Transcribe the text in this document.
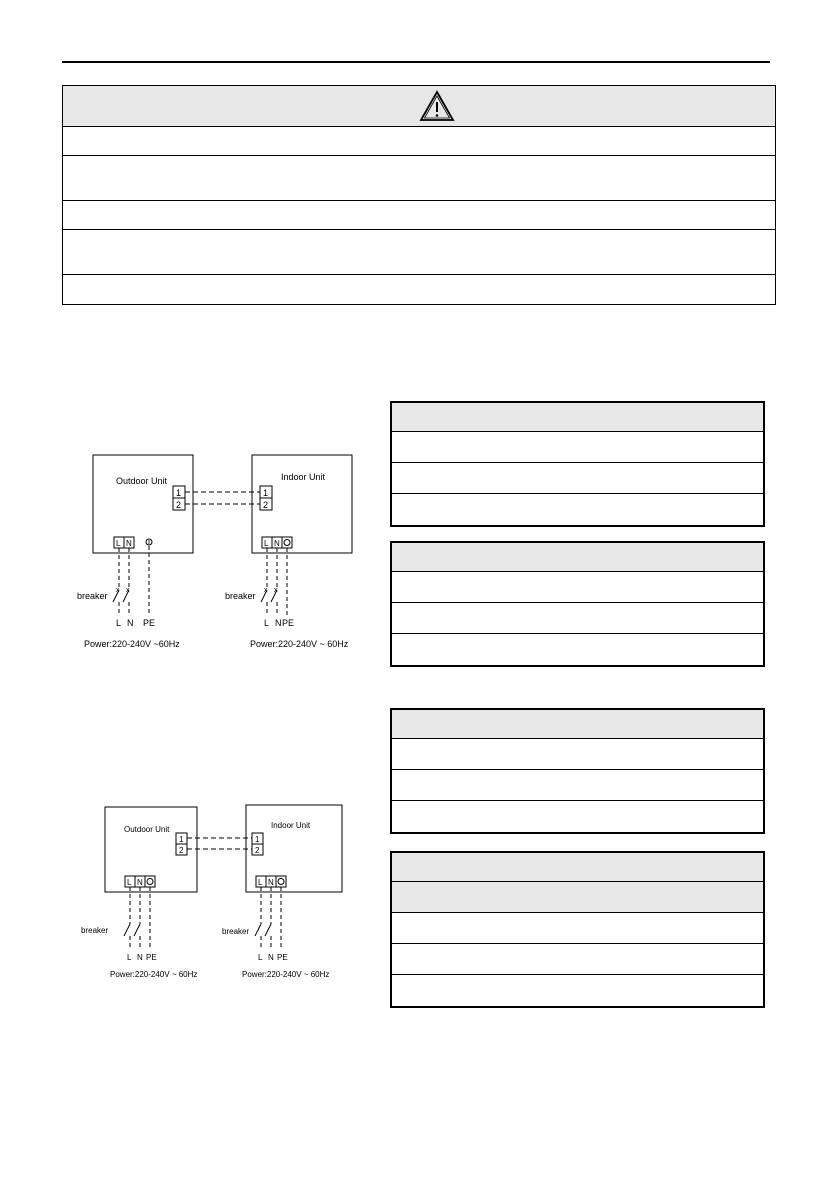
Outdoor Unit	Indoor Unit
1
2
1
2
L N
x x
breaker
L N PE
Power:220-240V ~60Hz
L N
x x
breaker
L N PE
Power:220-240V ~ 60Hz
Outdoor Unit	Indoor Unit
1
2
1
2
L N
breaker
L N PE
Power:220-240V ~ 60Hz
L N
breaker
L N PE
Power:220-240V ~ 60Hz
